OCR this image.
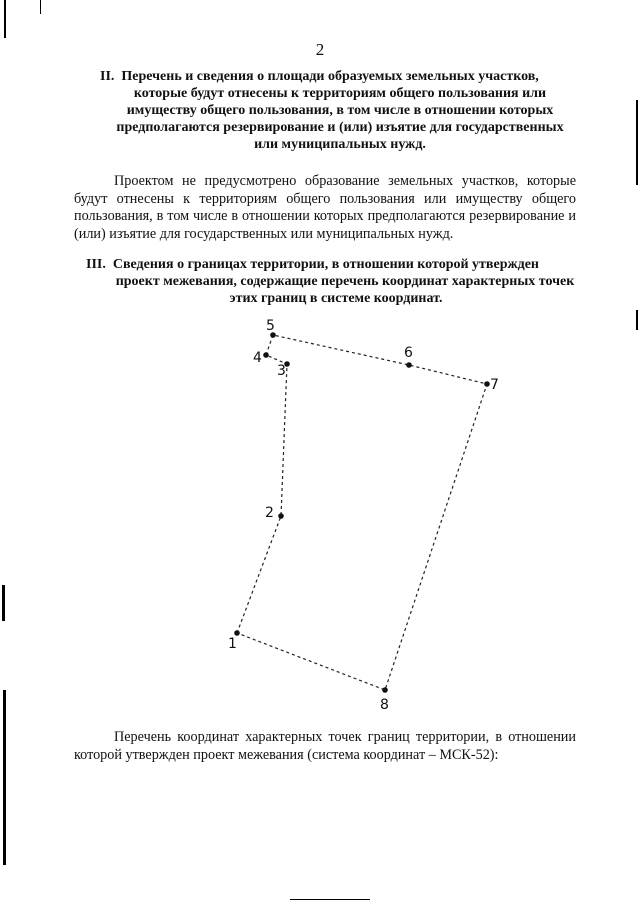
2
II. Перечень и сведения о площади образуемых земельных участков,
которые будут отнесены к территориям общего пользования или
имуществу общего пользования, в том числе в отношении которых
предполагаются резервирование и (или) изъятие для государственных
или муниципальных нужд.
Проектом не предусмотрено образование земельных участков, которые будут отнесены к территориям общего пользования или имуществу общего пользования, в том числе в отношении которых предполагаются резервирование и (или) изъятие для государственных или муниципальных нужд.
III. Сведения о границах территории, в отношении которой утвержден
проект межевания, содержащие перечень координат характерных точек
этих границ в системе координат.
1
2
3
4
5
6
7
8
Перечень координат характерных точек границ территории, в отношении которой утвержден проект межевания (система координат – МСК-52):
